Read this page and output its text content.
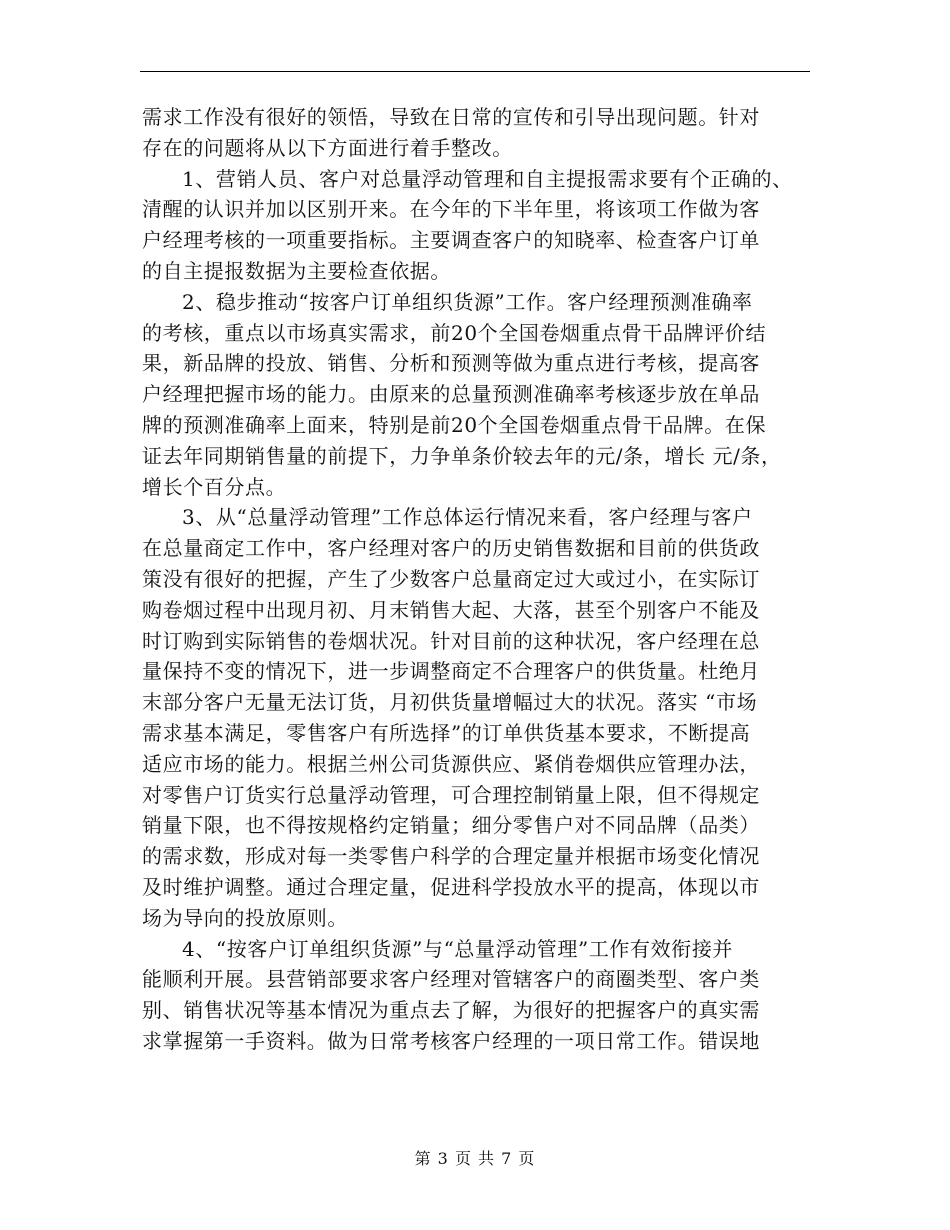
需求工作没有很好的领悟，导致在日常的宣传和引导出现问题。针对
存在的问题将从以下方面进行着手整改。
1、营销人员、客户对总量浮动管理和自主提报需求要有个正确的、
清醒的认识并加以区别开来。在今年的下半年里，将该项工作做为客
户经理考核的一项重要指标。主要调查客户的知晓率、检查客户订单
的自主提报数据为主要检查依据。
2、稳步推动“按客户订单组织货源”工作。客户经理预测准确率
的考核，重点以市场真实需求，前20个全国卷烟重点骨干品牌评价结
果，新品牌的投放、销售、分析和预测等做为重点进行考核，提高客
户经理把握市场的能力。由原来的总量预测准确率考核逐步放在单品
牌的预测准确率上面来，特别是前20个全国卷烟重点骨干品牌。在保
证去年同期销售量的前提下，力争单条价较去年的元/条，增长 元/条，
增长个百分点。
3、从“总量浮动管理”工作总体运行情况来看，客户经理与客户
在总量商定工作中，客户经理对客户的历史销售数据和目前的供货政
策没有很好的把握，产生了少数客户总量商定过大或过小，在实际订
购卷烟过程中出现月初、月末销售大起、大落，甚至个别客户不能及
时订购到实际销售的卷烟状况。针对目前的这种状况，客户经理在总
量保持不变的情况下，进一步调整商定不合理客户的供货量。杜绝月
末部分客户无量无法订货，月初供货量增幅过大的状况。落实 “市场
需求基本满足，零售客户有所选择”的订单供货基本要求，不断提高
适应市场的能力。根据兰州公司货源供应、紧俏卷烟供应管理办法，
对零售户订货实行总量浮动管理，可合理控制销量上限，但不得规定
销量下限，也不得按规格约定销量；细分零售户对不同品牌（品类）
的需求数，形成对每一类零售户科学的合理定量并根据市场变化情况
及时维护调整。通过合理定量，促进科学投放水平的提高，体现以市
场为导向的投放原则。
4、“按客户订单组织货源”与“总量浮动管理”工作有效衔接并
能顺利开展。县营销部要求客户经理对管辖客户的商圈类型、客户类
别、销售状况等基本情况为重点去了解，为很好的把握客户的真实需
求掌握第一手资料。做为日常考核客户经理的一项日常工作。错误地
第 3 页 共 7 页
